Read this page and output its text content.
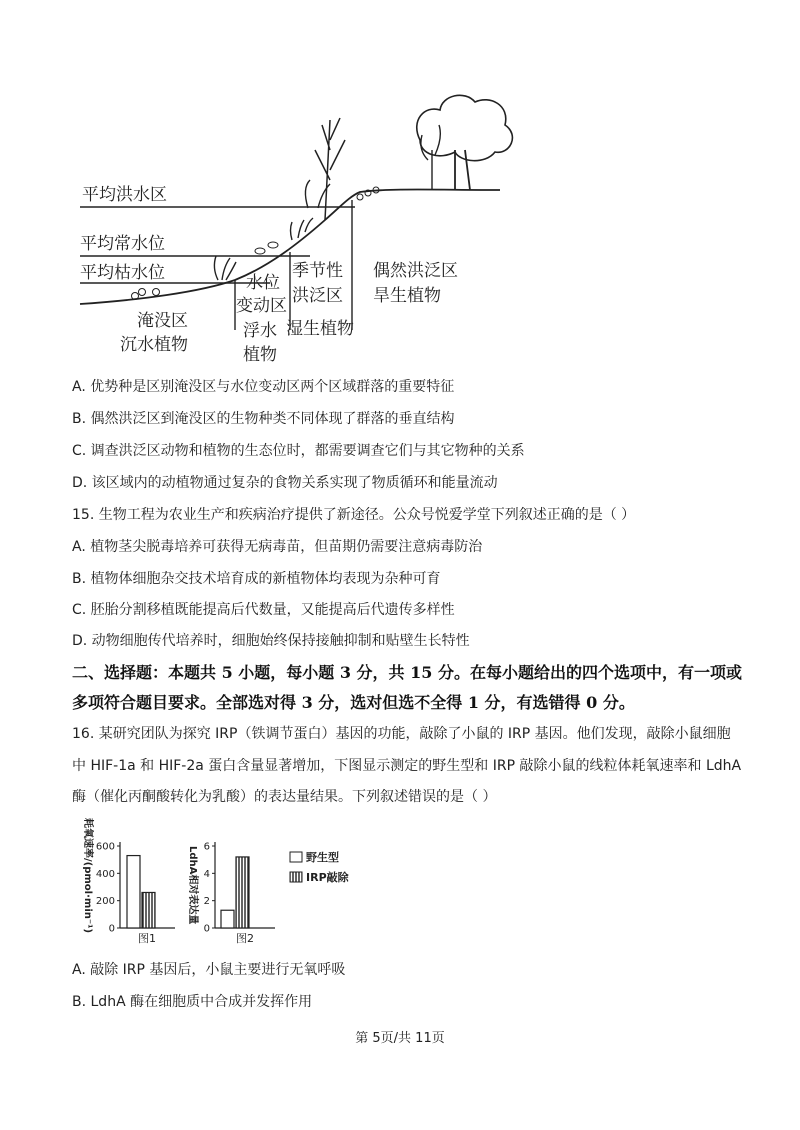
平均洪水区
平均常水位
平均枯水位
淹没区
沉水植物
水位
变动区
浮水
植物
季节性
洪泛区
湿生植物
偶然洪泛区
旱生植物
A. 优势种是区别淹没区与水位变动区两个区域群落的重要特征
B. 偶然洪泛区到淹没区的生物种类不同体现了群落的垂直结构
C. 调查洪泛区动物和植物的生态位时，都需要调查它们与其它物种的关系
D. 该区域内的动植物通过复杂的食物关系实现了物质循环和能量流动
15. 生物工程为农业生产和疾病治疗提供了新途径。公众号悦爱学堂下列叙述正确的是（ ）
A. 植物茎尖脱毒培养可获得无病毒苗，但苗期仍需要注意病毒防治
B. 植物体细胞杂交技术培育成的新植物体均表现为杂种可育
C. 胚胎分割移植既能提高后代数量，又能提高后代遗传多样性
D. 动物细胞传代培养时，细胞始终保持接触抑制和贴壁生长特性
二、选择题：本题共 5 小题，每小题 3 分，共 15 分。在每小题给出的四个选项中，有一项或
多项符合题目要求。全部选对得 3 分，选对但选不全得 1 分，有选错得 0 分。
16. 某研究团队为探究 IRP（铁调节蛋白）基因的功能，敲除了小鼠的 IRP 基因。他们发现，敲除小鼠细胞
中 HIF-1a 和 HIF-2a 蛋白含量显著增加，下图显示测定的野生型和 IRP 敲除小鼠的线粒体耗氧速率和 LdhA
酶（催化丙酮酸转化为乳酸）的表达量结果。下列叙述错误的是（ ）
耗氧速率/(pmol·min⁻¹) 0
200
400
600
图1
LdhA相对表达量
0
2
4
6
图2
野生型
IRP敲除
A. 敲除 IRP 基因后，小鼠主要进行无氧呼吸
B. LdhA 酶在细胞质中合成并发挥作用
第 5页/共 11页
